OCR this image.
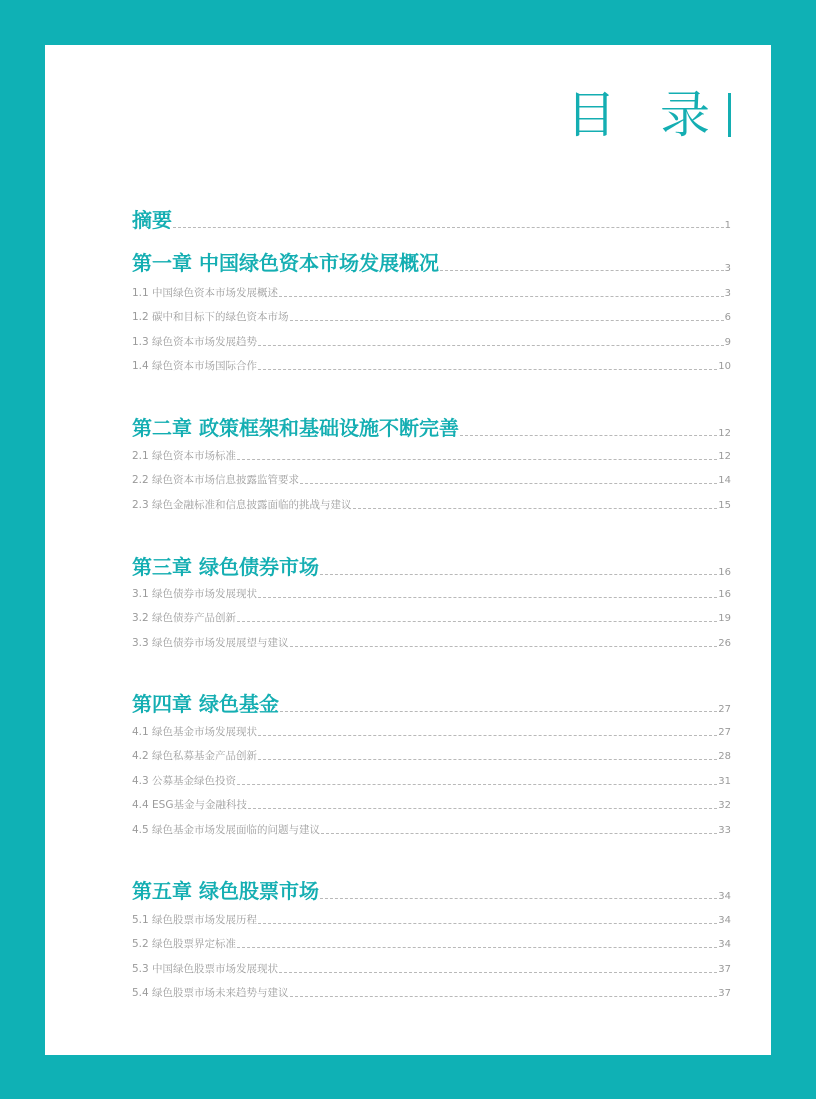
目 录
摘要	1
第一章 中国绿色资本市场发展概况	3
1.1 中国绿色资本市场发展概述	3
1.2 碳中和目标下的绿色资本市场	6
1.3 绿色资本市场发展趋势	9
1.4 绿色资本市场国际合作	10
第二章 政策框架和基础设施不断完善	12
2.1 绿色资本市场标准	12
2.2 绿色资本市场信息披露监管要求	14
2.3 绿色金融标准和信息披露面临的挑战与建议	15
第三章 绿色债券市场	16
3.1 绿色债券市场发展现状	16
3.2 绿色债券产品创新	19
3.3 绿色债券市场发展展望与建议	26
第四章 绿色基金	27
4.1 绿色基金市场发展现状	27
4.2 绿色私募基金产品创新	28
4.3 公募基金绿色投资	31
4.4 ESG基金与金融科技	32
4.5 绿色基金市场发展面临的问题与建议	33
第五章 绿色股票市场	34
5.1 绿色股票市场发展历程	34
5.2 绿色股票界定标准	34
5.3 中国绿色股票市场发展现状	37
5.4 绿色股票市场未来趋势与建议	37
